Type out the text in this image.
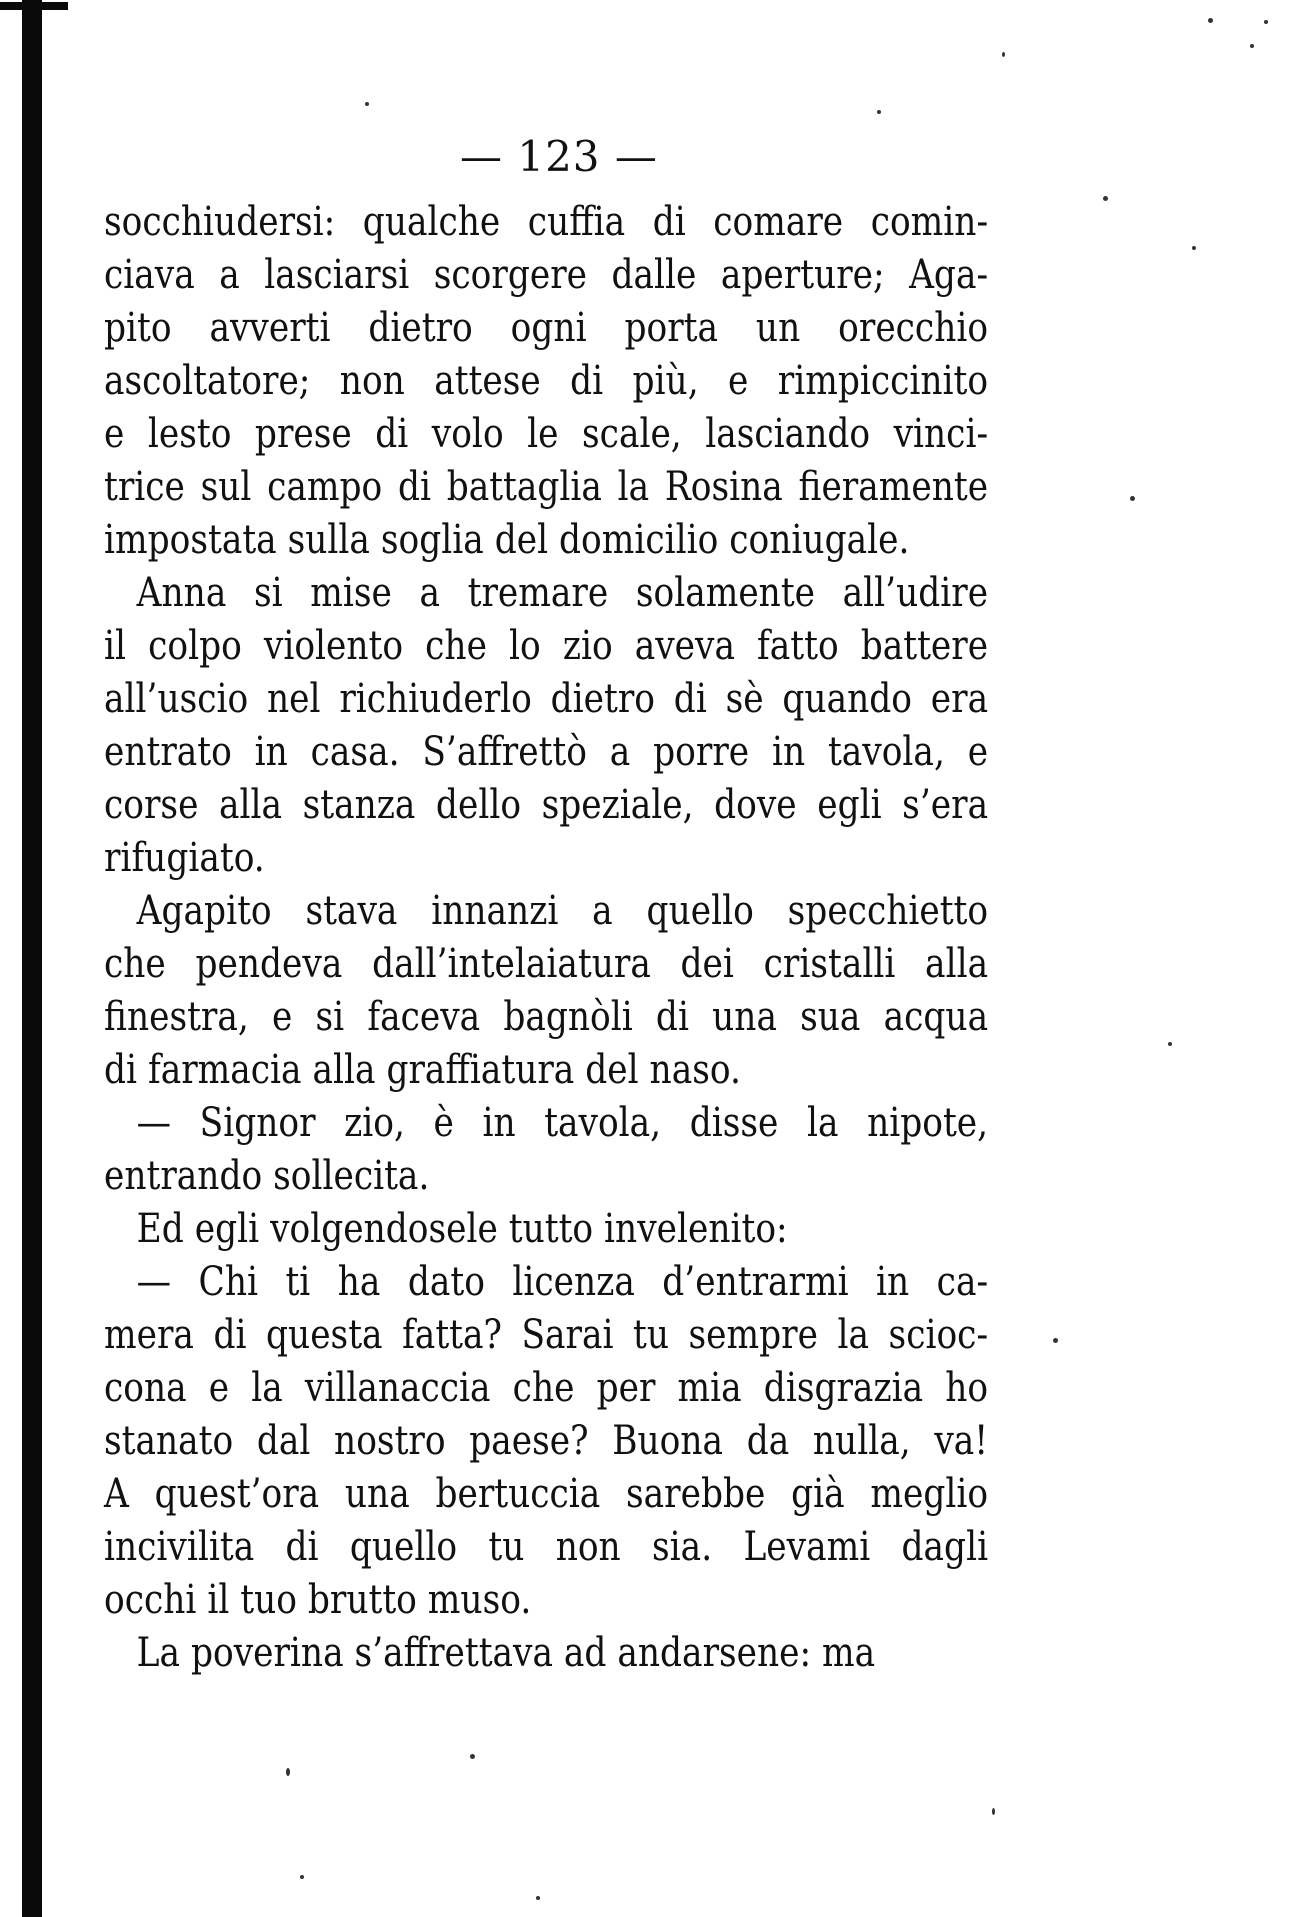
— 123 —
socchiudersi: qualche cuffia di comare comin-
ciava a lasciarsi scorgere dalle aperture; Aga-
pito avverti dietro ogni porta un orecchio
ascoltatore; non attese di più, e rimpiccinito
e lesto prese di volo le scale, lasciando vinci-
trice sul campo di battaglia la Rosina fieramente
impostata sulla soglia del domicilio coniugale.
Anna si mise a tremare solamente all’udire
il colpo violento che lo zio aveva fatto battere
all’uscio nel richiuderlo dietro di sè quando era
entrato in casa. S’affrettò a porre in tavola, e
corse alla stanza dello speziale, dove egli s’era
rifugiato.
Agapito stava innanzi a quello specchietto
che pendeva dall’intelaiatura dei cristalli alla
finestra, e si faceva bagnòli di una sua acqua
di farmacia alla graffiatura del naso.
— Signor zio, è in tavola, disse la nipote,
entrando sollecita.
Ed egli volgendosele tutto invelenito:
— Chi ti ha dato licenza d’entrarmi in ca-
mera di questa fatta? Sarai tu sempre la scioc-
cona e la villanaccia che per mia disgrazia ho
stanato dal nostro paese? Buona da nulla, va!
A quest’ora una bertuccia sarebbe già meglio
incivilita di quello tu non sia. Levami dagli
occhi il tuo brutto muso.
La poverina s’affrettava ad andarsene: ma
